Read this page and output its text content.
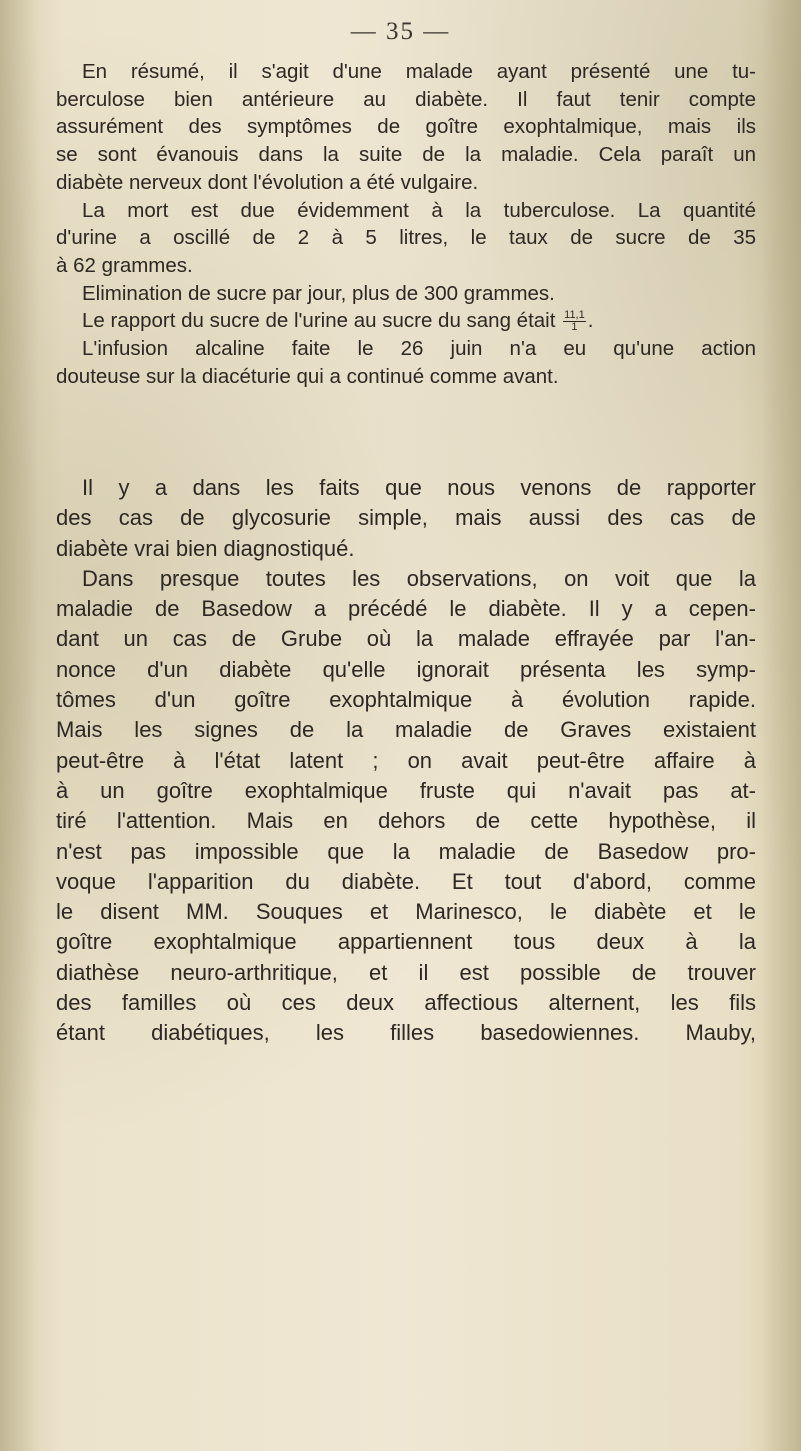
— 35 —
En résumé, il s'agit d'une malade ayant présenté une tu-
berculose bien antérieure au diabète. Il faut tenir compte
assurément des symptômes de goître exophtalmique, mais ils
se sont évanouis dans la suite de la maladie. Cela paraît un
diabète nerveux dont l'évolution a été vulgaire.
La mort est due évidemment à la tuberculose. La quantité
d'urine a oscillé de 2 à 5 litres, le taux de sucre de 35
à 62 grammes.
Elimination de sucre par jour, plus de 300 grammes.
Le rapport du sucre de l'urine au sucre du sang était $\frac{11,1}{1}$ .
L'infusion alcaline faite le 26 juin n'a eu qu'une action
douteuse sur la diacéturie qui a continué comme avant.
Il y a dans les faits que nous venons de rapporter
des cas de glycosurie simple, mais aussi des cas de
diabète vrai bien diagnostiqué.
Dans presque toutes les observations, on voit que la
maladie de Basedow a précédé le diabète. Il y a cepen-
dant un cas de Grube où la malade effrayée par l'an-
nonce d'un diabète qu'elle ignorait présenta les symp-
tômes d'un goître exophtalmique à évolution rapide.
Mais les signes de la maladie de Graves existaient
peut-être à l'état latent ; on avait peut-être affaire à
à un goître exophtalmique fruste qui n'avait pas at-
tiré l'attention. Mais en dehors de cette hypothèse, il
n'est pas impossible que la maladie de Basedow pro-
voque l'apparition du diabète. Et tout d'abord, comme
le disent MM. Souques et Marinesco, le diabète et le
goître exophtalmique appartiennent tous deux à la
diathèse neuro-arthritique, et il est possible de trouver
des familles où ces deux affectious alternent, les fils
étant diabétiques, les filles basedowiennes. Mauby,
